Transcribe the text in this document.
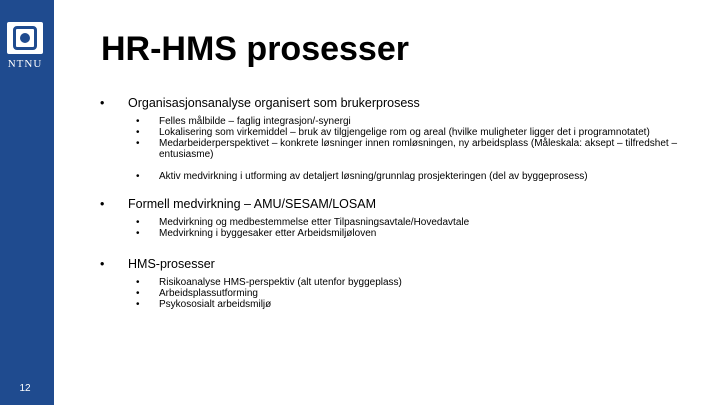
NTNU
12
HR-HMS prosesser
• Organisasjonsanalyse organisert som brukerprosess
• Felles målbilde – faglig integrasjon/-synergi
• Lokalisering som virkemiddel – bruk av tilgjengelige rom og areal (hvilke muligheter ligger det i programnotatet)
• Medarbeiderperspektivet – konkrete løsninger innen romløsningen, ny arbeidsplass (Måleskala: aksept – tilfredshet – entusiasme)
• Aktiv medvirkning i utforming av detaljert løsning/grunnlag prosjekteringen (del av byggeprosess)
• Formell medvirkning – AMU/SESAM/LOSAM
• Medvirkning og medbestemmelse etter Tilpasningsavtale/Hovedavtale
• Medvirkning i byggesaker etter Arbeidsmiljøloven
• HMS-prosesser
• Risikoanalyse HMS-perspektiv (alt utenfor byggeplass)
• Arbeidsplassutforming
• Psykososialt arbeidsmiljø
